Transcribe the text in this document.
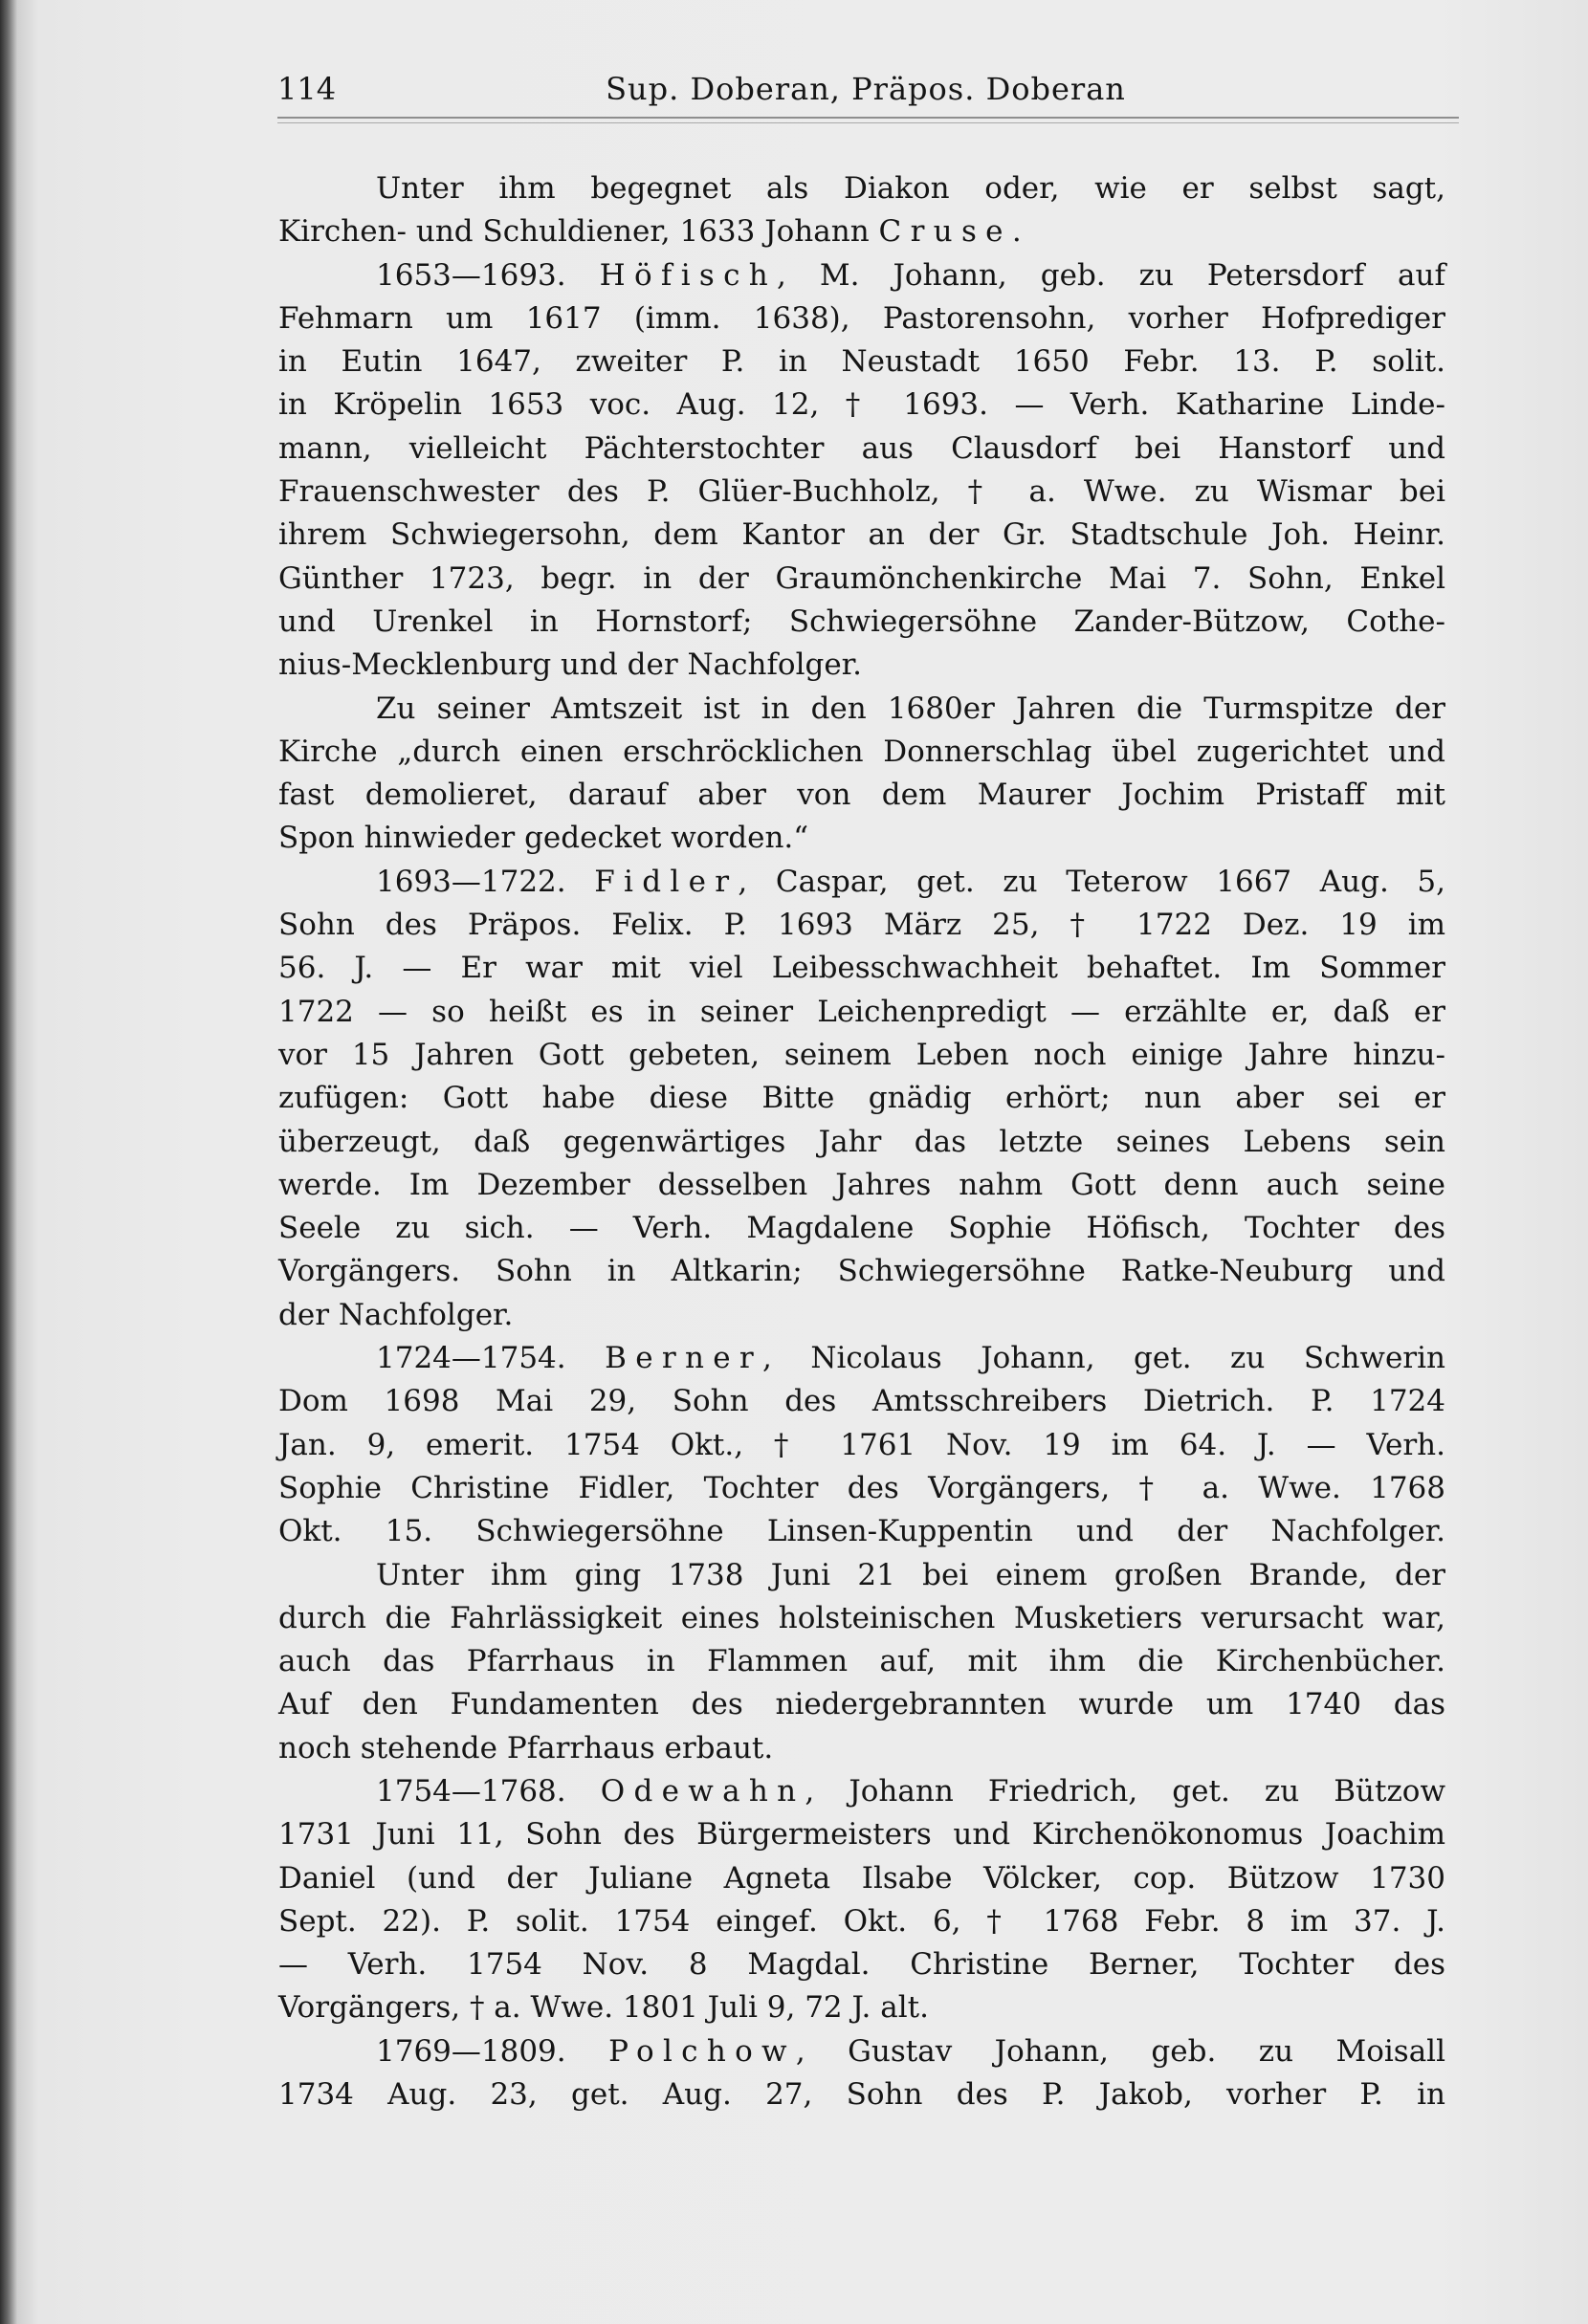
114	Sup. Doberan, Präpos. Doberan
Unter ihm begegnet als Diakon oder, wie er selbst sagt,
Kirchen- und Schuldiener, 1633 Johann Cruse.
1653—1693. Höfisch, M. Johann, geb. zu Petersdorf auf
Fehmarn um 1617 (imm. 1638), Pastorensohn, vorher Hofprediger
in Eutin 1647, zweiter P. in Neustadt 1650 Febr. 13. P. solit.
in Kröpelin 1653 voc. Aug. 12, † 1693. — Verh. Katharine Linde-
mann, vielleicht Pächterstochter aus Clausdorf bei Hanstorf und
Frauenschwester des P. Glüer-Buchholz, † a. Wwe. zu Wismar bei
ihrem Schwiegersohn, dem Kantor an der Gr. Stadtschule Joh. Heinr.
Günther 1723, begr. in der Graumönchenkirche Mai 7. Sohn, Enkel
und Urenkel in Hornstorf; Schwiegersöhne Zander-Bützow, Cothe-
nius-Mecklenburg und der Nachfolger.
Zu seiner Amtszeit ist in den 1680er Jahren die Turmspitze der
Kirche „durch einen erschröcklichen Donnerschlag übel zugerichtet und
fast demolieret, darauf aber von dem Maurer Jochim Pristaff mit
Spon hinwieder gedecket worden.“
1693—1722. Fidler, Caspar, get. zu Teterow 1667 Aug. 5,
Sohn des Präpos. Felix. P. 1693 März 25, † 1722 Dez. 19 im
56. J. — Er war mit viel Leibesschwachheit behaftet. Im Sommer
1722 — so heißt es in seiner Leichenpredigt — erzählte er, daß er
vor 15 Jahren Gott gebeten, seinem Leben noch einige Jahre hinzu-
zufügen: Gott habe diese Bitte gnädig erhört; nun aber sei er
überzeugt, daß gegenwärtiges Jahr das letzte seines Lebens sein
werde. Im Dezember desselben Jahres nahm Gott denn auch seine
Seele zu sich. — Verh. Magdalene Sophie Höfisch, Tochter des
Vorgängers. Sohn in Altkarin; Schwiegersöhne Ratke-Neuburg und
der Nachfolger.
1724—1754. Berner, Nicolaus Johann, get. zu Schwerin
Dom 1698 Mai 29, Sohn des Amtsschreibers Dietrich. P. 1724
Jan. 9, emerit. 1754 Okt., † 1761 Nov. 19 im 64. J. — Verh.
Sophie Christine Fidler, Tochter des Vorgängers, † a. Wwe. 1768
Okt. 15. Schwiegersöhne Linsen-Kuppentin und der Nachfolger.
Unter ihm ging 1738 Juni 21 bei einem großen Brande, der
durch die Fahrlässigkeit eines holsteinischen Musketiers verursacht war,
auch das Pfarrhaus in Flammen auf, mit ihm die Kirchenbücher.
Auf den Fundamenten des niedergebrannten wurde um 1740 das
noch stehende Pfarrhaus erbaut.
1754—1768. Odewahn, Johann Friedrich, get. zu Bützow
1731 Juni 11, Sohn des Bürgermeisters und Kirchenökonomus Joachim
Daniel (und der Juliane Agneta Ilsabe Völcker, cop. Bützow 1730
Sept. 22). P. solit. 1754 eingef. Okt. 6, † 1768 Febr. 8 im 37. J.
— Verh. 1754 Nov. 8 Magdal. Christine Berner, Tochter des
Vorgängers, † a. Wwe. 1801 Juli 9, 72 J. alt.
1769—1809. Polchow, Gustav Johann, geb. zu Moisall
1734 Aug. 23, get. Aug. 27, Sohn des P. Jakob, vorher P. in
